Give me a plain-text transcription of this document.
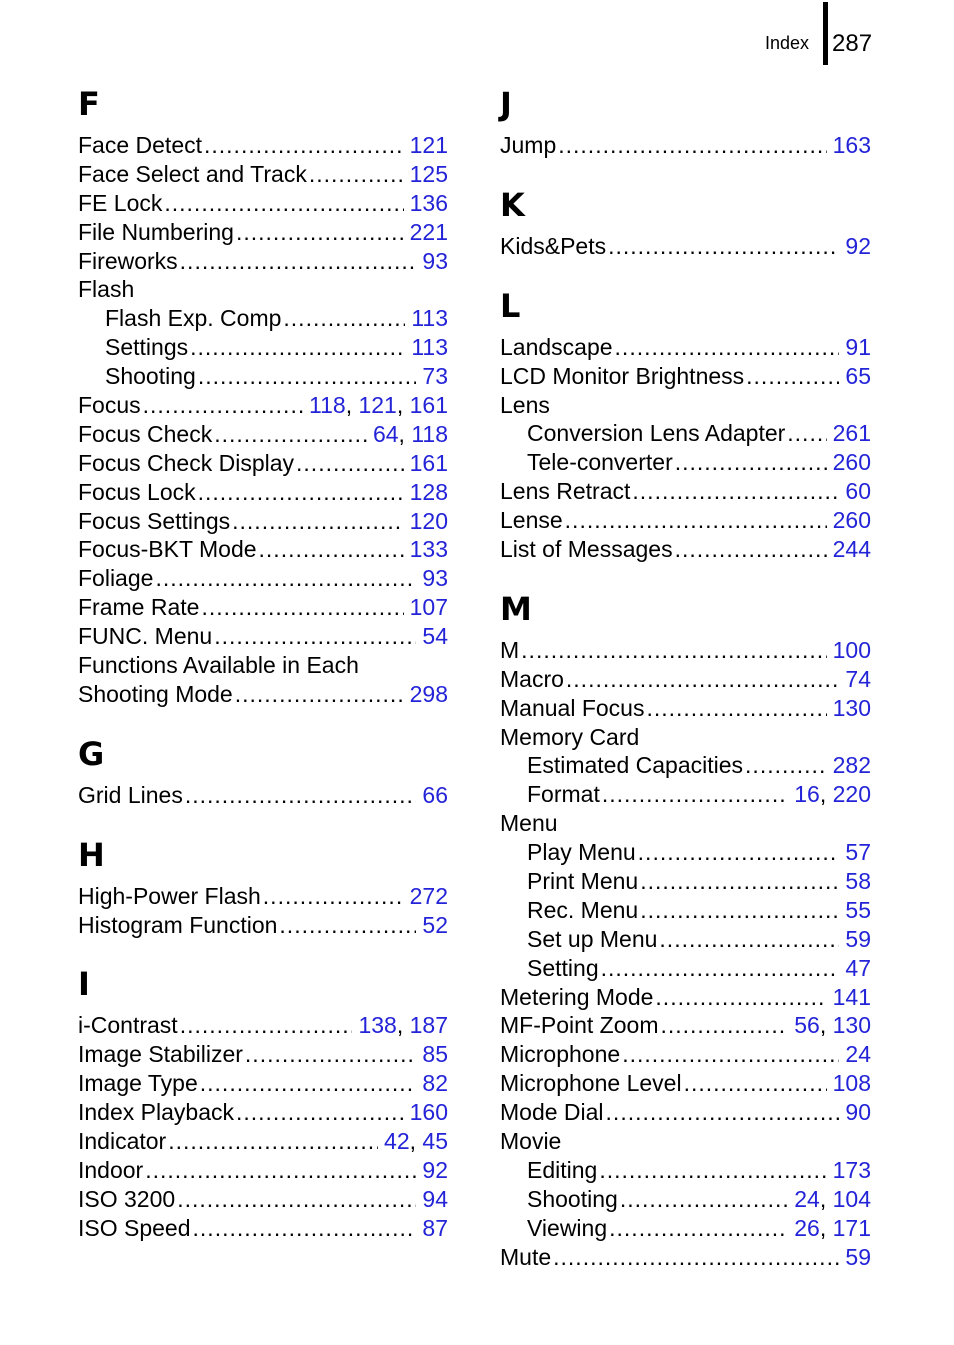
Index 287
F
Face Detect .....	121
Face Select and Track .....	125
FE Lock .....	136
File Numbering .....	221
Fireworks .....	93
Flash
Flash Exp. Comp .....	113
Settings .....	113
Shooting .....	73
Focus .....	118, 121, 161
Focus Check .....	64, 118
Focus Check Display .....	161
Focus Lock .....	128
Focus Settings .....	120
Focus-BKT Mode .....	133
Foliage .....	93
Frame Rate .....	107
FUNC. Menu .....	54
Functions Available in Each
Shooting Mode .....	298
G
Grid Lines .....	66
H
High-Power Flash .....	272
Histogram Function .....	52
I
i-Contrast .....	138, 187
Image Stabilizer .....	85
Image Type .....	82
Index Playback .....	160
Indicator .....	42, 45
Indoor .....	92
ISO 3200 .....	94
ISO Speed .....	87
J
Jump .....	163
K
Kids&Pets .....	92
L
Landscape .....	91
LCD Monitor Brightness .....	65
Lens
Conversion Lens Adapter ..... 261
Tele-converter .....	260
Lens Retract .....	60
Lense .....	260
List of Messages .....	244
M
M .....	100
Macro .....	74
Manual Focus .....	130
Memory Card
Estimated Capacities .....	282
Format .....	16, 220
Menu
Play Menu .....	57
Print Menu .....	58
Rec. Menu .....	55
Set up Menu .....	59
Setting .....	47
Metering Mode .....	141
MF-Point Zoom .....	56, 130
Microphone .....	24
Microphone Level .....	108
Mode Dial .....	90
Movie
Editing .....	173
Shooting .....	24, 104
Viewing .....	26, 171
Mute .....	59
